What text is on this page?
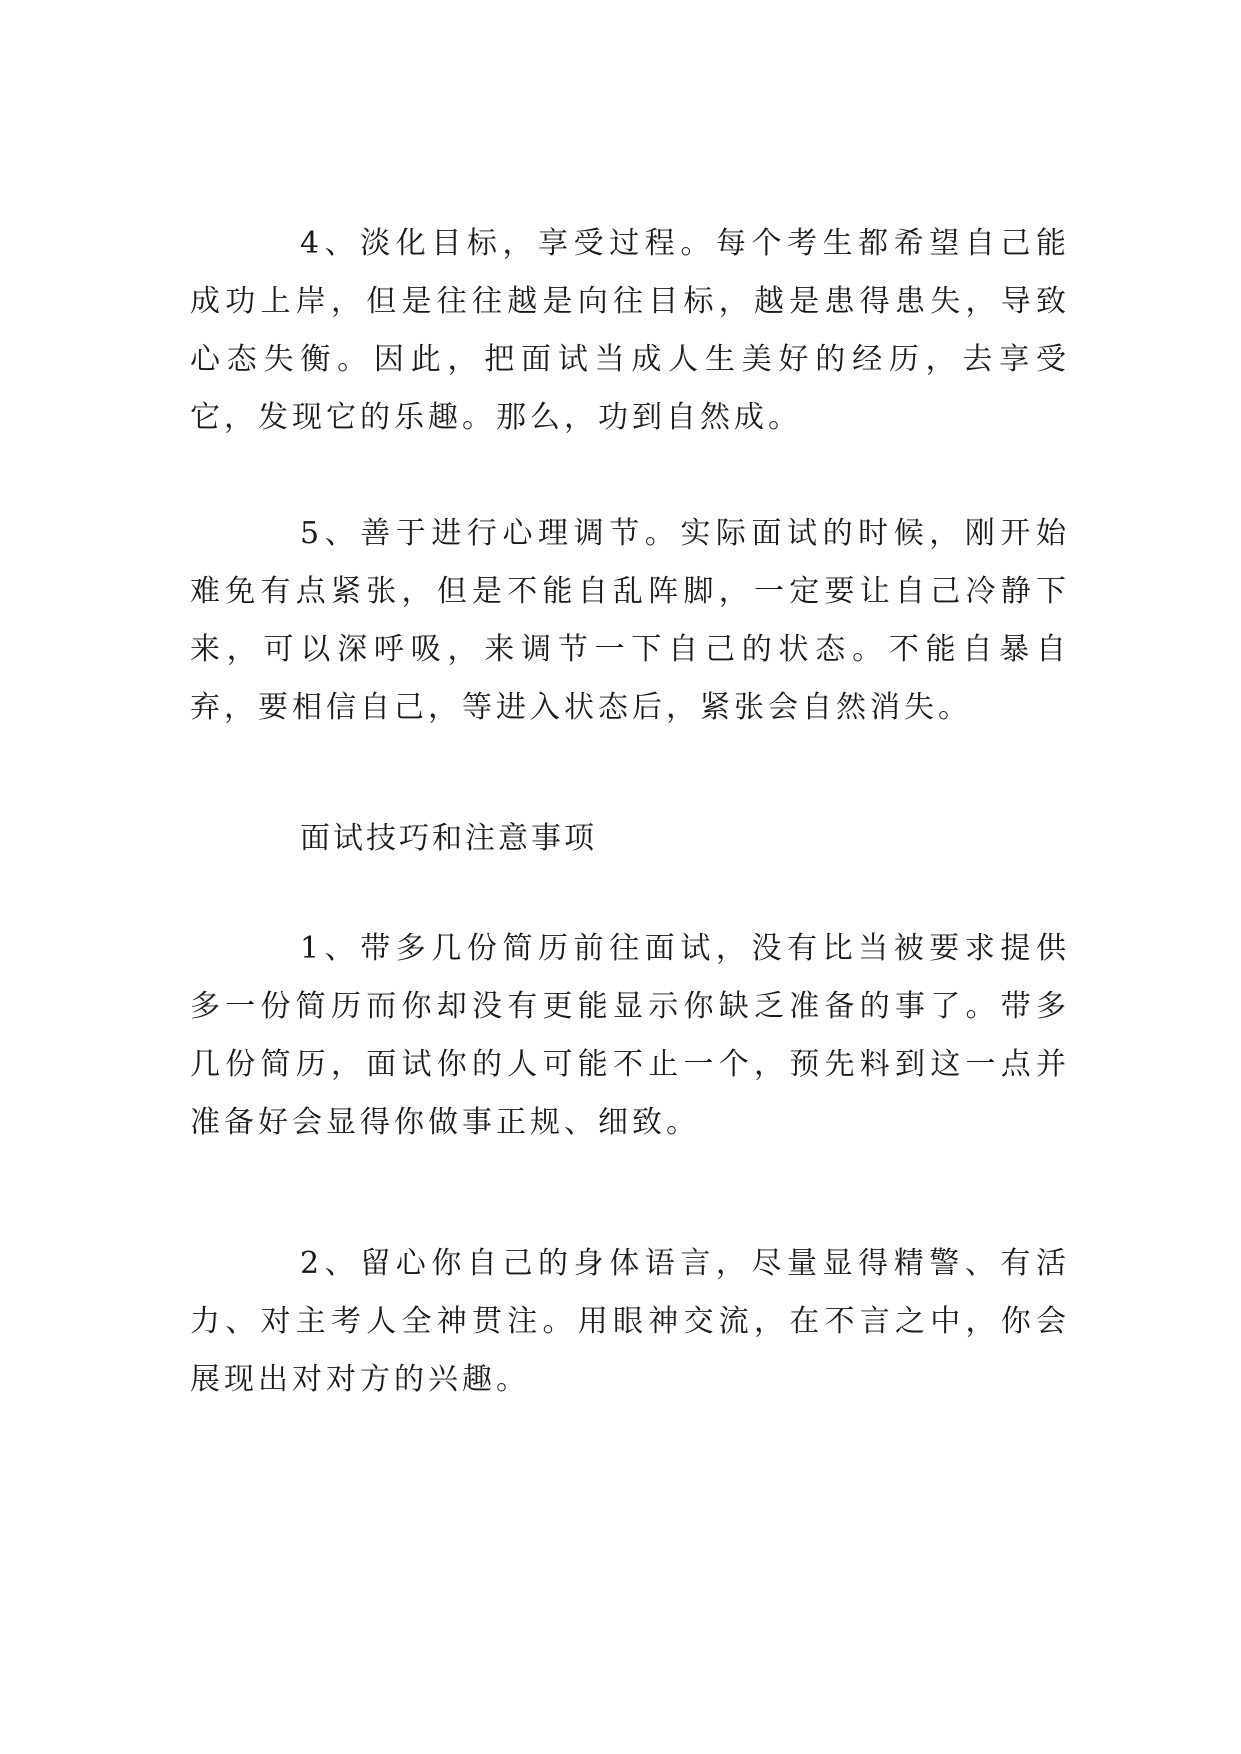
4、淡化目标，享受过程。每个考生都希望自己能成功上岸，但是往往越是向往目标，越是患得患失，导致心态失衡。因此，把面试当成人生美好的经历，去享受它，发现它的乐趣。那么，功到自然成。

5、善于进行心理调节。实际面试的时候，刚开始难免有点紧张，但是不能自乱阵脚，一定要让自己冷静下来，可以深呼吸，来调节一下自己的状态。不能自暴自弃，要相信自己，等进入状态后，紧张会自然消失。

面试技巧和注意事项

1、带多几份简历前往面试，没有比当被要求提供多一份简历而你却没有更能显示你缺乏准备的事了。带多几份简历，面试你的人可能不止一个，预先料到这一点并准备好会显得你做事正规、细致。

2、留心你自己的身体语言，尽量显得精警、有活力、对主考人全神贯注。用眼神交流，在不言之中，你会展现出对对方的兴趣。
